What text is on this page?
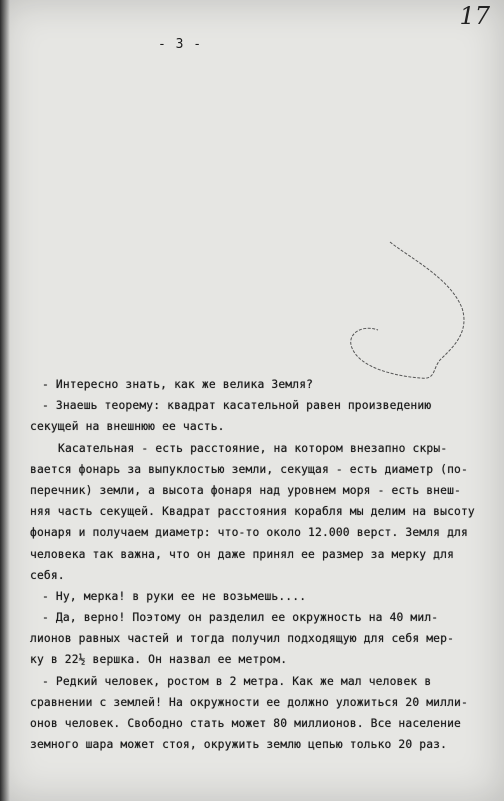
17
- 3 -
- Интересно знать, как же велика Земля?
- Знаешь теорему: квадрат касательной равен произведению
секущей на внешнюю ее часть.
Касательная - есть расстояние, на котором внезапно скры-
вается фонарь за выпуклостью земли, секущая - есть диаметр (по-
перечник) земли, а высота фонаря над уровнем моря - есть внеш-
няя часть секущей. Квадрат расстояния корабля мы делим на высоту
фонаря и получаем диаметр: что-то около 12.000 верст. Земля для
человека так важна, что он даже принял ее размер за мерку для
себя.
- Ну, мерка! в руки ее не возьмешь....
- Да, верно! Поэтому он разделил ее окружность на 40 мил-
лионов равных частей и тогда получил подходящую для себя мер-
ку в 22½ вершка. Он назвал ее метром.
- Редкий человек, ростом в 2 метра. Как же мал человек в
сравнении с землей! На окружности ее должно уложиться 20 милли-
онов человек. Свободно стать может 80 миллионов. Все население
земного шара может стоя, окружить землю цепью только 20 раз.
